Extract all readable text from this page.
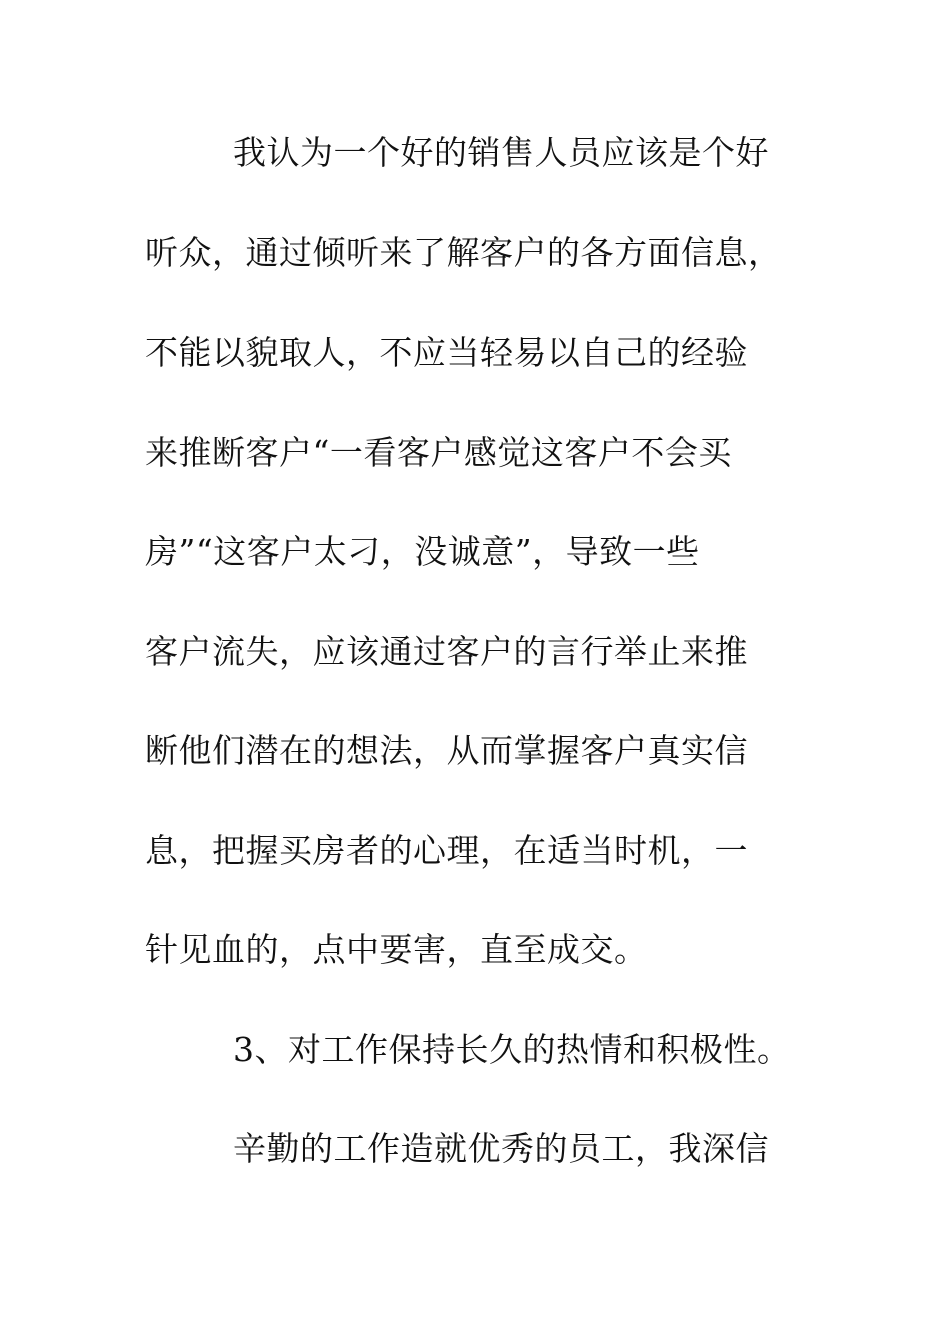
我认为一个好的销售人员应该是个好
听众，通过倾听来了解客户的各方面信息，
不能以貌取人，不应当轻易以自己的经验
来推断客户“一看客户感觉这客户不会买
房”“这客户太刁，没诚意”，导致一些
客户流失，应该通过客户的言行举止来推
断他们潜在的想法，从而掌握客户真实信
息，把握买房者的心理，在适当时机，一
针见血的，点中要害，直至成交。
3、对工作保持长久的热情和积极性。
辛勤的工作造就优秀的员工，我深信
